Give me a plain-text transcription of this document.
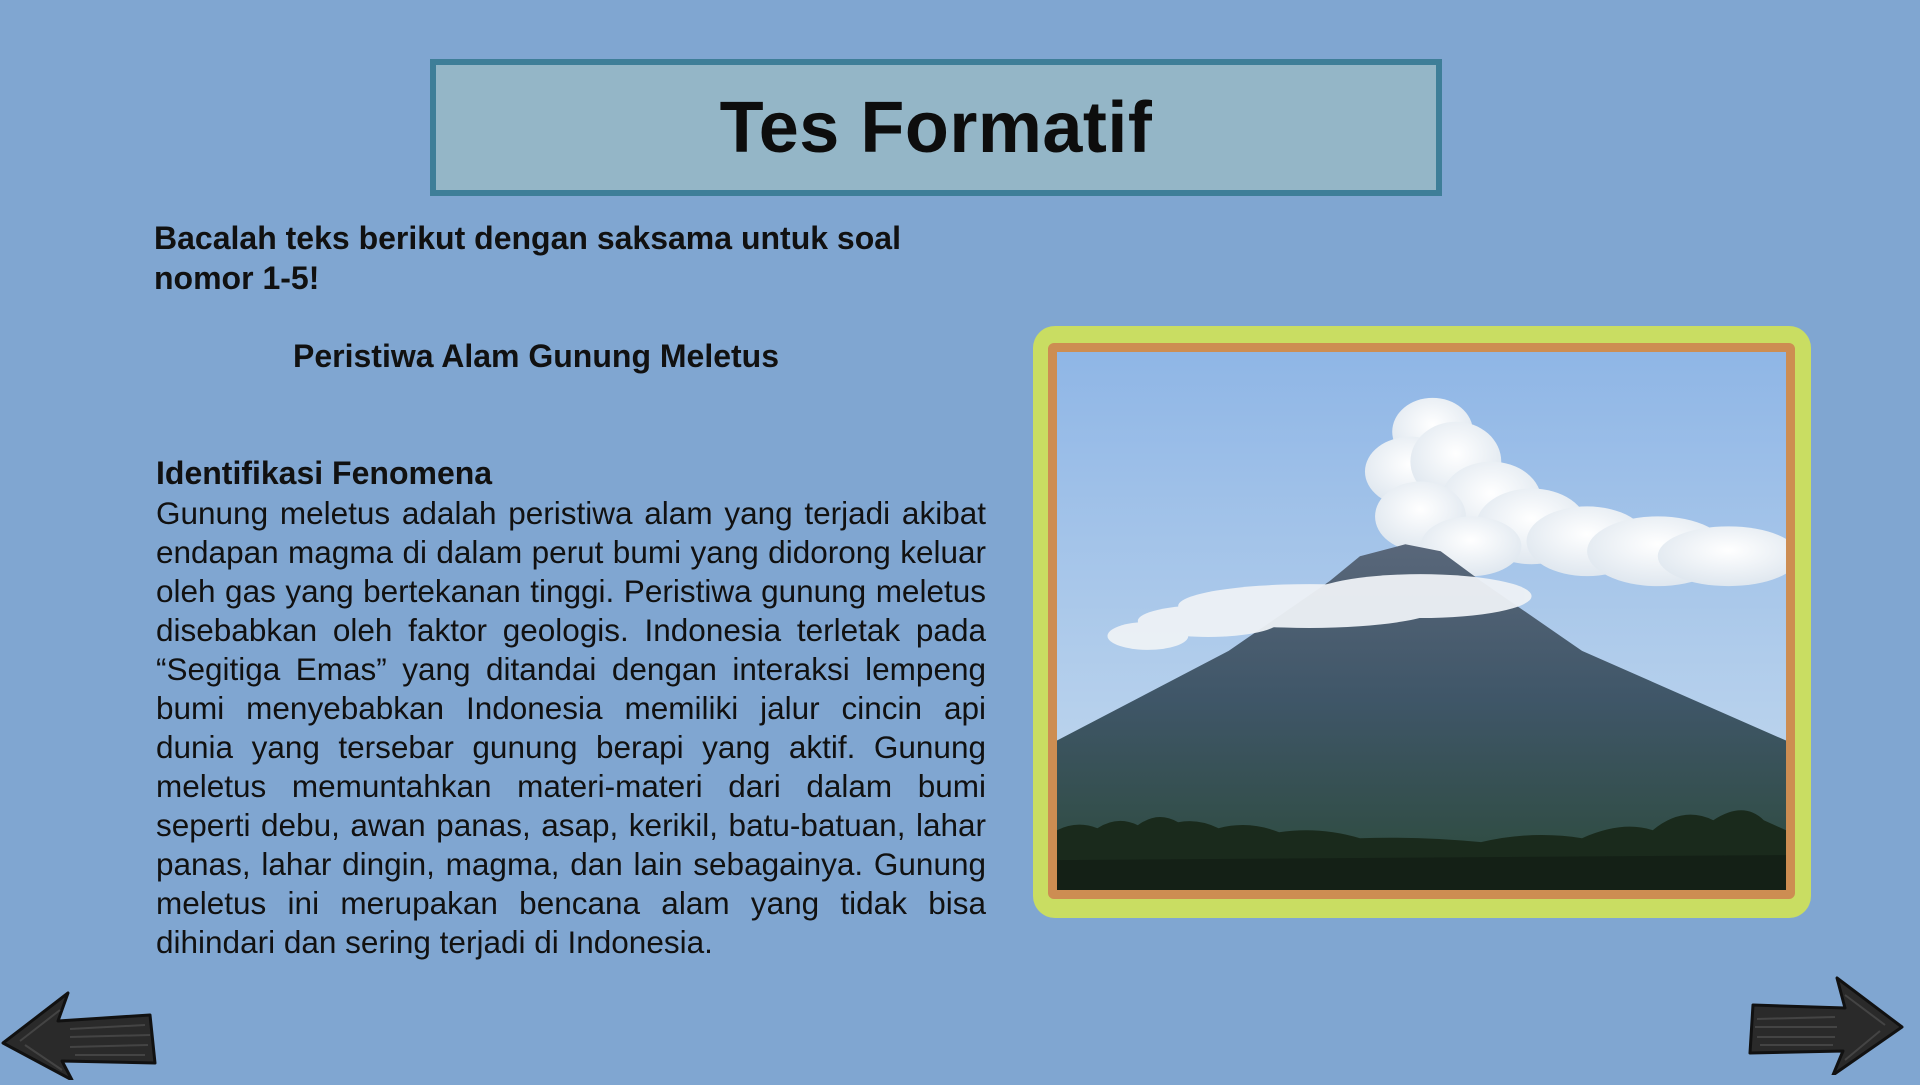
Tes Formatif
Bacalah teks berikut dengan saksama untuk soal nomor 1-5!
Peristiwa Alam Gunung Meletus
Identifikasi Fenomena
Gunung meletus adalah peristiwa alam yang terjadi akibat endapan magma di dalam perut bumi yang didorong keluar oleh gas yang bertekanan tinggi. Peristiwa gunung meletus disebabkan oleh faktor geologis. Indonesia terletak pada “Segitiga Emas” yang ditandai dengan interaksi lempeng bumi menyebabkan Indonesia memiliki jalur cincin api dunia yang tersebar gunung berapi yang aktif. Gunung meletus memuntahkan materi-materi dari dalam bumi seperti debu, awan panas, asap, kerikil, batu-batuan, lahar panas, lahar dingin, magma, dan lain sebagainya. Gunung meletus ini merupakan bencana alam yang tidak bisa dihindari dan sering terjadi di Indonesia.
